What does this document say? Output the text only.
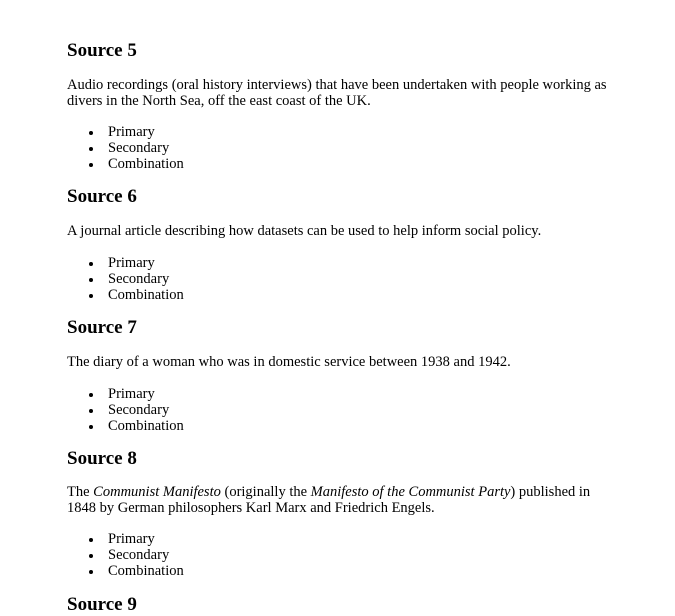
Source 5

Audio recordings (oral history interviews) that have been undertaken with people working as divers in the North Sea, off the east coast of the UK.

Primary
Secondary
Combination
Source 6

A journal article describing how datasets can be used to help inform social policy.

Primary
Secondary
Combination
Source 7

The diary of a woman who was in domestic service between 1938 and 1942.

Primary
Secondary
Combination
Source 8

The Communist Manifesto (originally the Manifesto of the Communist Party) published in 1848 by German philosophers Karl Marx and Friedrich Engels.

Primary
Secondary
Combination
Source 9
